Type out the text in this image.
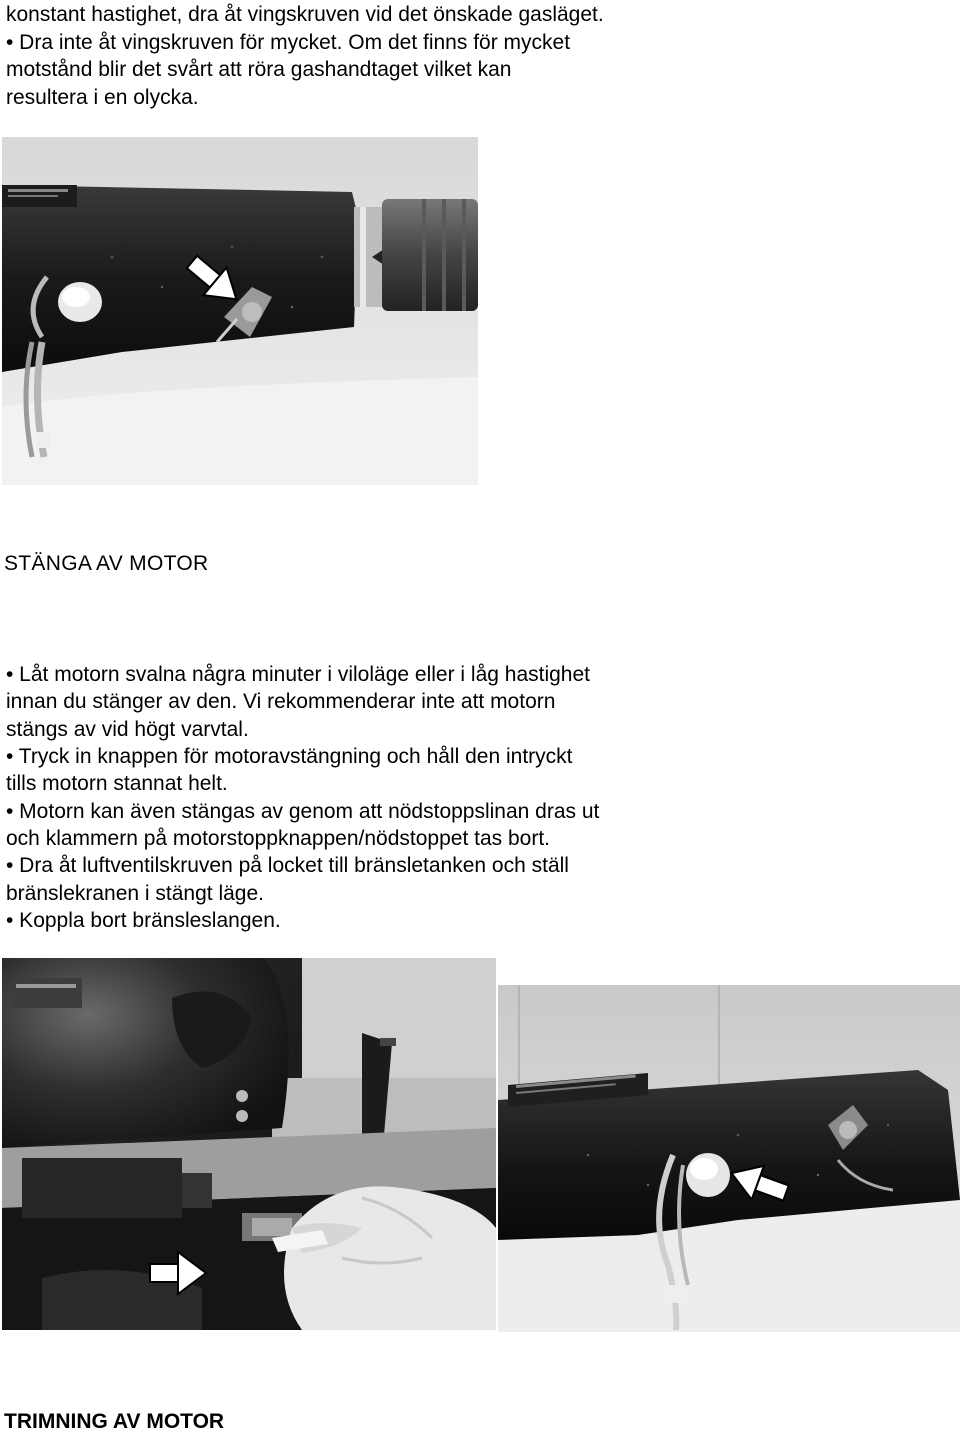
konstant hastighet, dra åt vingskruven vid det önskade gasläget.

• Dra inte åt vingskruven för mycket. Om det finns för mycket

motstånd blir det svårt att röra gashandtaget vilket kan

resultera i en olycka.

STÄNGA AV MOTOR

• Låt motorn svalna några minuter i viloläge eller i låg hastighet

innan du stänger av den. Vi rekommenderar inte att motorn

stängs av vid högt varvtal.

• Tryck in knappen för motoravstängning och håll den intryckt

tills motorn stannat helt.

• Motorn kan även stängas av genom att nödstoppslinan dras ut

och klammern på motorstoppknappen/nödstoppet tas bort.

• Dra åt luftventilskruven på locket till bränsletanken och ställ

bränslekranen i stängt läge.

• Koppla bort bränsleslangen.

TRIMNING AV MOTOR
